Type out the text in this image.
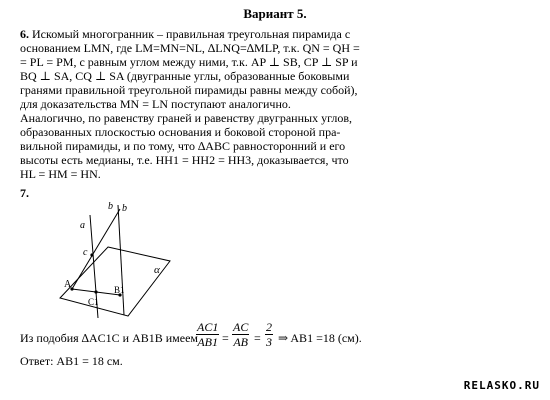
Вариант 5.
6. Искомый многогранник – правильная треугольная пирамида с
основанием LMN, где LM=MN=NL, ∆LNQ=∆MLP, т.к. QN = QH =
= PL = PM, с равным углом между ними, т.к. AP ⊥ SB, CP ⊥ SP и
BQ ⊥ SA, CQ ⊥ SA (двугранные углы, образованные боковыми
гранями правильной треугольной пирамиды равны между собой),
для доказательства MN = LN поступают аналогично.
Аналогично, по равенству граней и равенству двугранных углов,
образованных плоскостью основания и боковой стороной пра-
вильной пирамиды, и по тому, что ∆ABC равносторонний и его
высоты есть медианы, т.е. HH1 = HH2 = HH3, доказывается, что
HL = HM = HN.
7.
b b
c
a
A
C1
B1
α
Из подобия ∆AC1C и AB1B имеем
$\frac{AC1}{AB1} = \frac{AC}{AB} = \frac{2}{3}$ ⇒ AB1 =18 (см).
Ответ: AB1 = 18 см.
RELASKO.RU
